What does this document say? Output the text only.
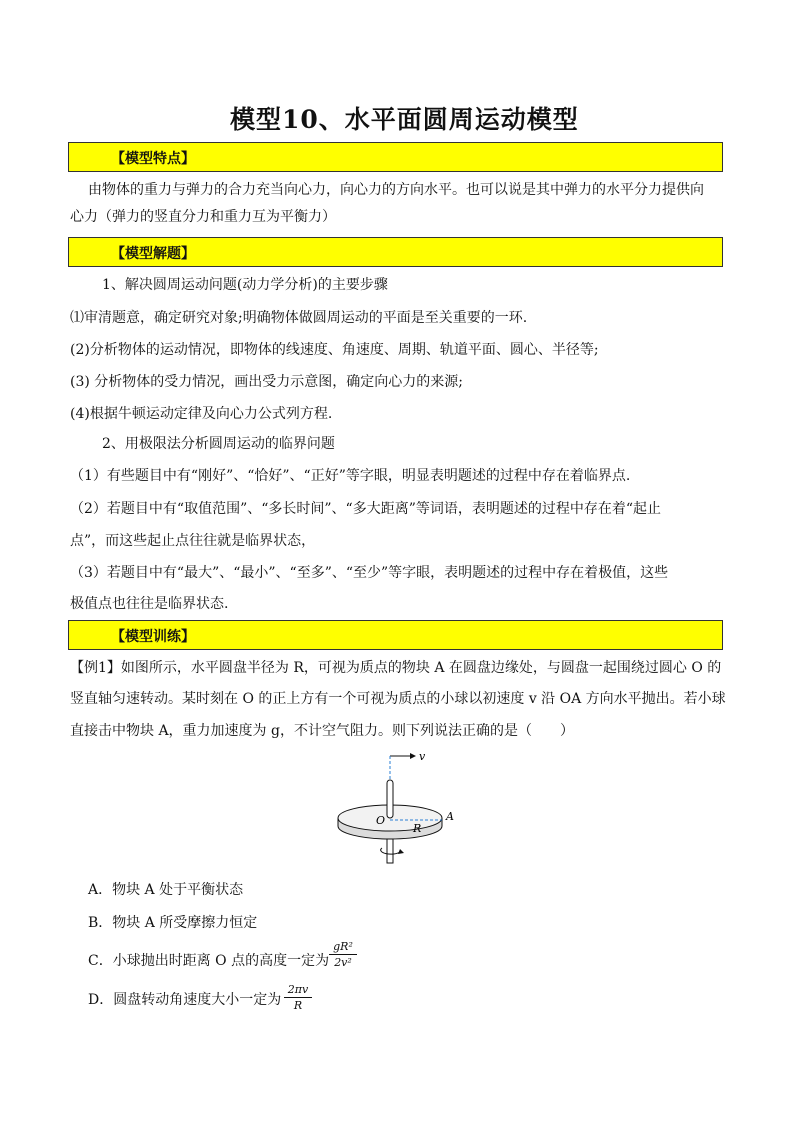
模型10、水平面圆周运动模型
【模型特点】
由物体的重力与弹力的合力充当向心力，向心力的方向水平。也可以说是其中弹力的水平分力提供向
心力（弹力的竖直分力和重力互为平衡力）
【模型解题】
1、解决圆周运动问题(动力学分析)的主要步骤
⑴审清题意，确定研究对象;明确物体做圆周运动的平面是至关重要的一环.
(2)分析物体的运动情况，即物体的线速度、角速度、周期、轨道平面、圆心、半径等;
(3) 分析物体的受力情况，画出受力示意图，确定向心力的来源;
(4)根据牛顿运动定律及向心力公式列方程.
2、用极限法分析圆周运动的临界问题
（1）有些题目中有“刚好”、“恰好”、“正好”等字眼，明显表明题述的过程中存在着临界点.
（2）若题目中有“取值范围”、“多长时间”、“多大距离”等词语，表明题述的过程中存在着“起止
点”，而这些起止点往往就是临界状态，
（3）若题目中有“最大”、“最小”、“至多”、“至少”等字眼，表明题述的过程中存在着极值，这些
极值点也往往是临界状态.
【模型训练】
【例1】如图所示，水平圆盘半径为 R，可视为质点的物块 A 在圆盘边缘处，与圆盘一起围绕过圆心 O 的
竖直轴匀速转动。某时刻在 O 的正上方有一个可视为质点的小球以初速度 v 沿 OA 方向水平抛出。若小球
直接击中物块 A，重力加速度为 g，不计空气阻力。则下列说法正确的是（　　）
v
O
R
A
A．物块 A 处于平衡状态
B．物块 A 所受摩擦力恒定
C．小球抛出时距离 O 点的高度一定为
gR²
2v²
D．圆盘转动角速度大小一定为
2πv
R
